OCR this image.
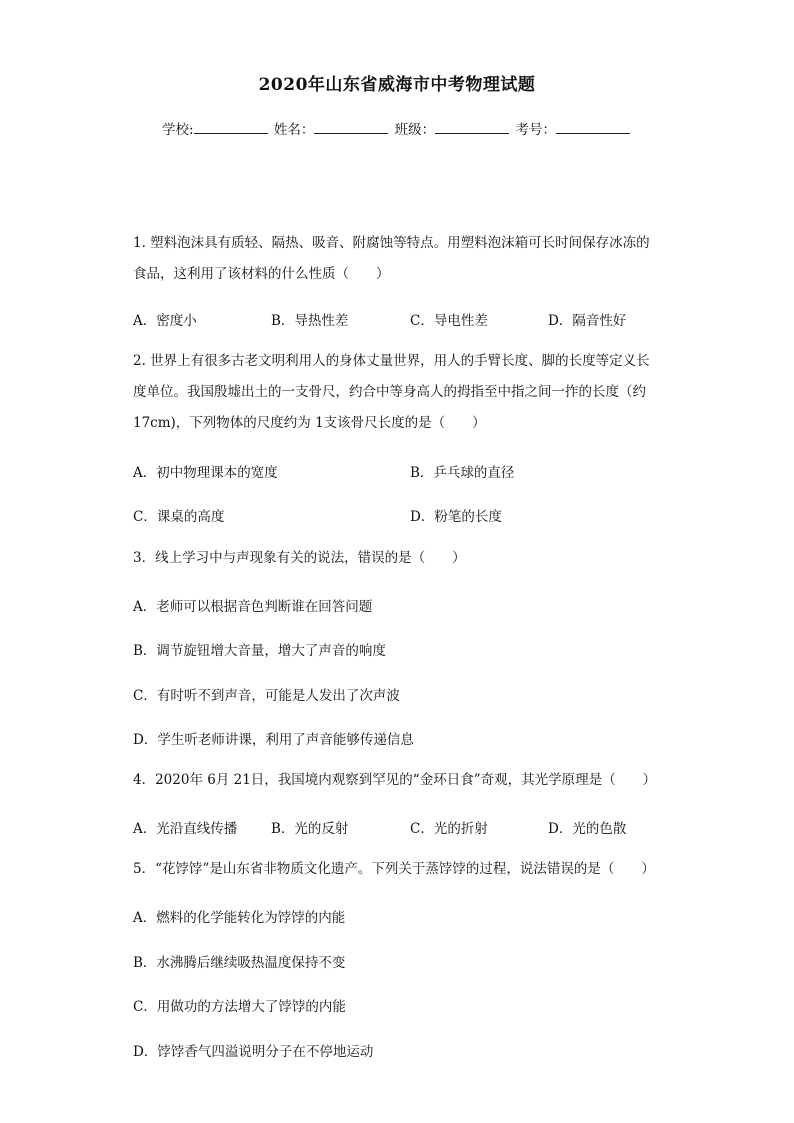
2020年山东省威海市中考物理试题
学校:	姓名：	班级：	考号：
1. 塑料泡沫具有质轻、隔热、吸音、附腐蚀等特点。用塑料泡沫箱可长时间保存冰冻的食品，这利用了该材料的什么性质（　　）
A．密度小	B．导热性差	C．导电性差	D．隔音性好
2. 世界上有很多古老文明利用人的身体丈量世界，用人的手臂长度、脚的长度等定义长度单位。我国殷墟出土的一支骨尺，约合中等身高人的拇指至中指之间一拃的长度（约17cm)，下列物体的尺度约为 1支该骨尺长度的是（　　）
A．初中物理课本的宽度	B．乒乓球的直径
C．课桌的高度	D．粉笔的长度
3．线上学习中与声现象有关的说法，错误的是（　　）
A．老师可以根据音色判断谁在回答问题
B．调节旋钮增大音量，增大了声音的响度
C．有时听不到声音，可能是人发出了次声波
D．学生听老师讲课，利用了声音能够传递信息
4．2020年 6月 21日，我国境内观察到罕见的“金环日食”奇观，其光学原理是（　　）
A．光沿直线传播	B．光的反射	C．光的折射	D．光的色散
5．“花饽饽”是山东省非物质文化遗产。下列关于蒸饽饽的过程，说法错误的是（　　）
A．燃料的化学能转化为饽饽的内能
B．水沸腾后继续吸热温度保持不变
C．用做功的方法增大了饽饽的内能
D．饽饽香气四溢说明分子在不停地运动
